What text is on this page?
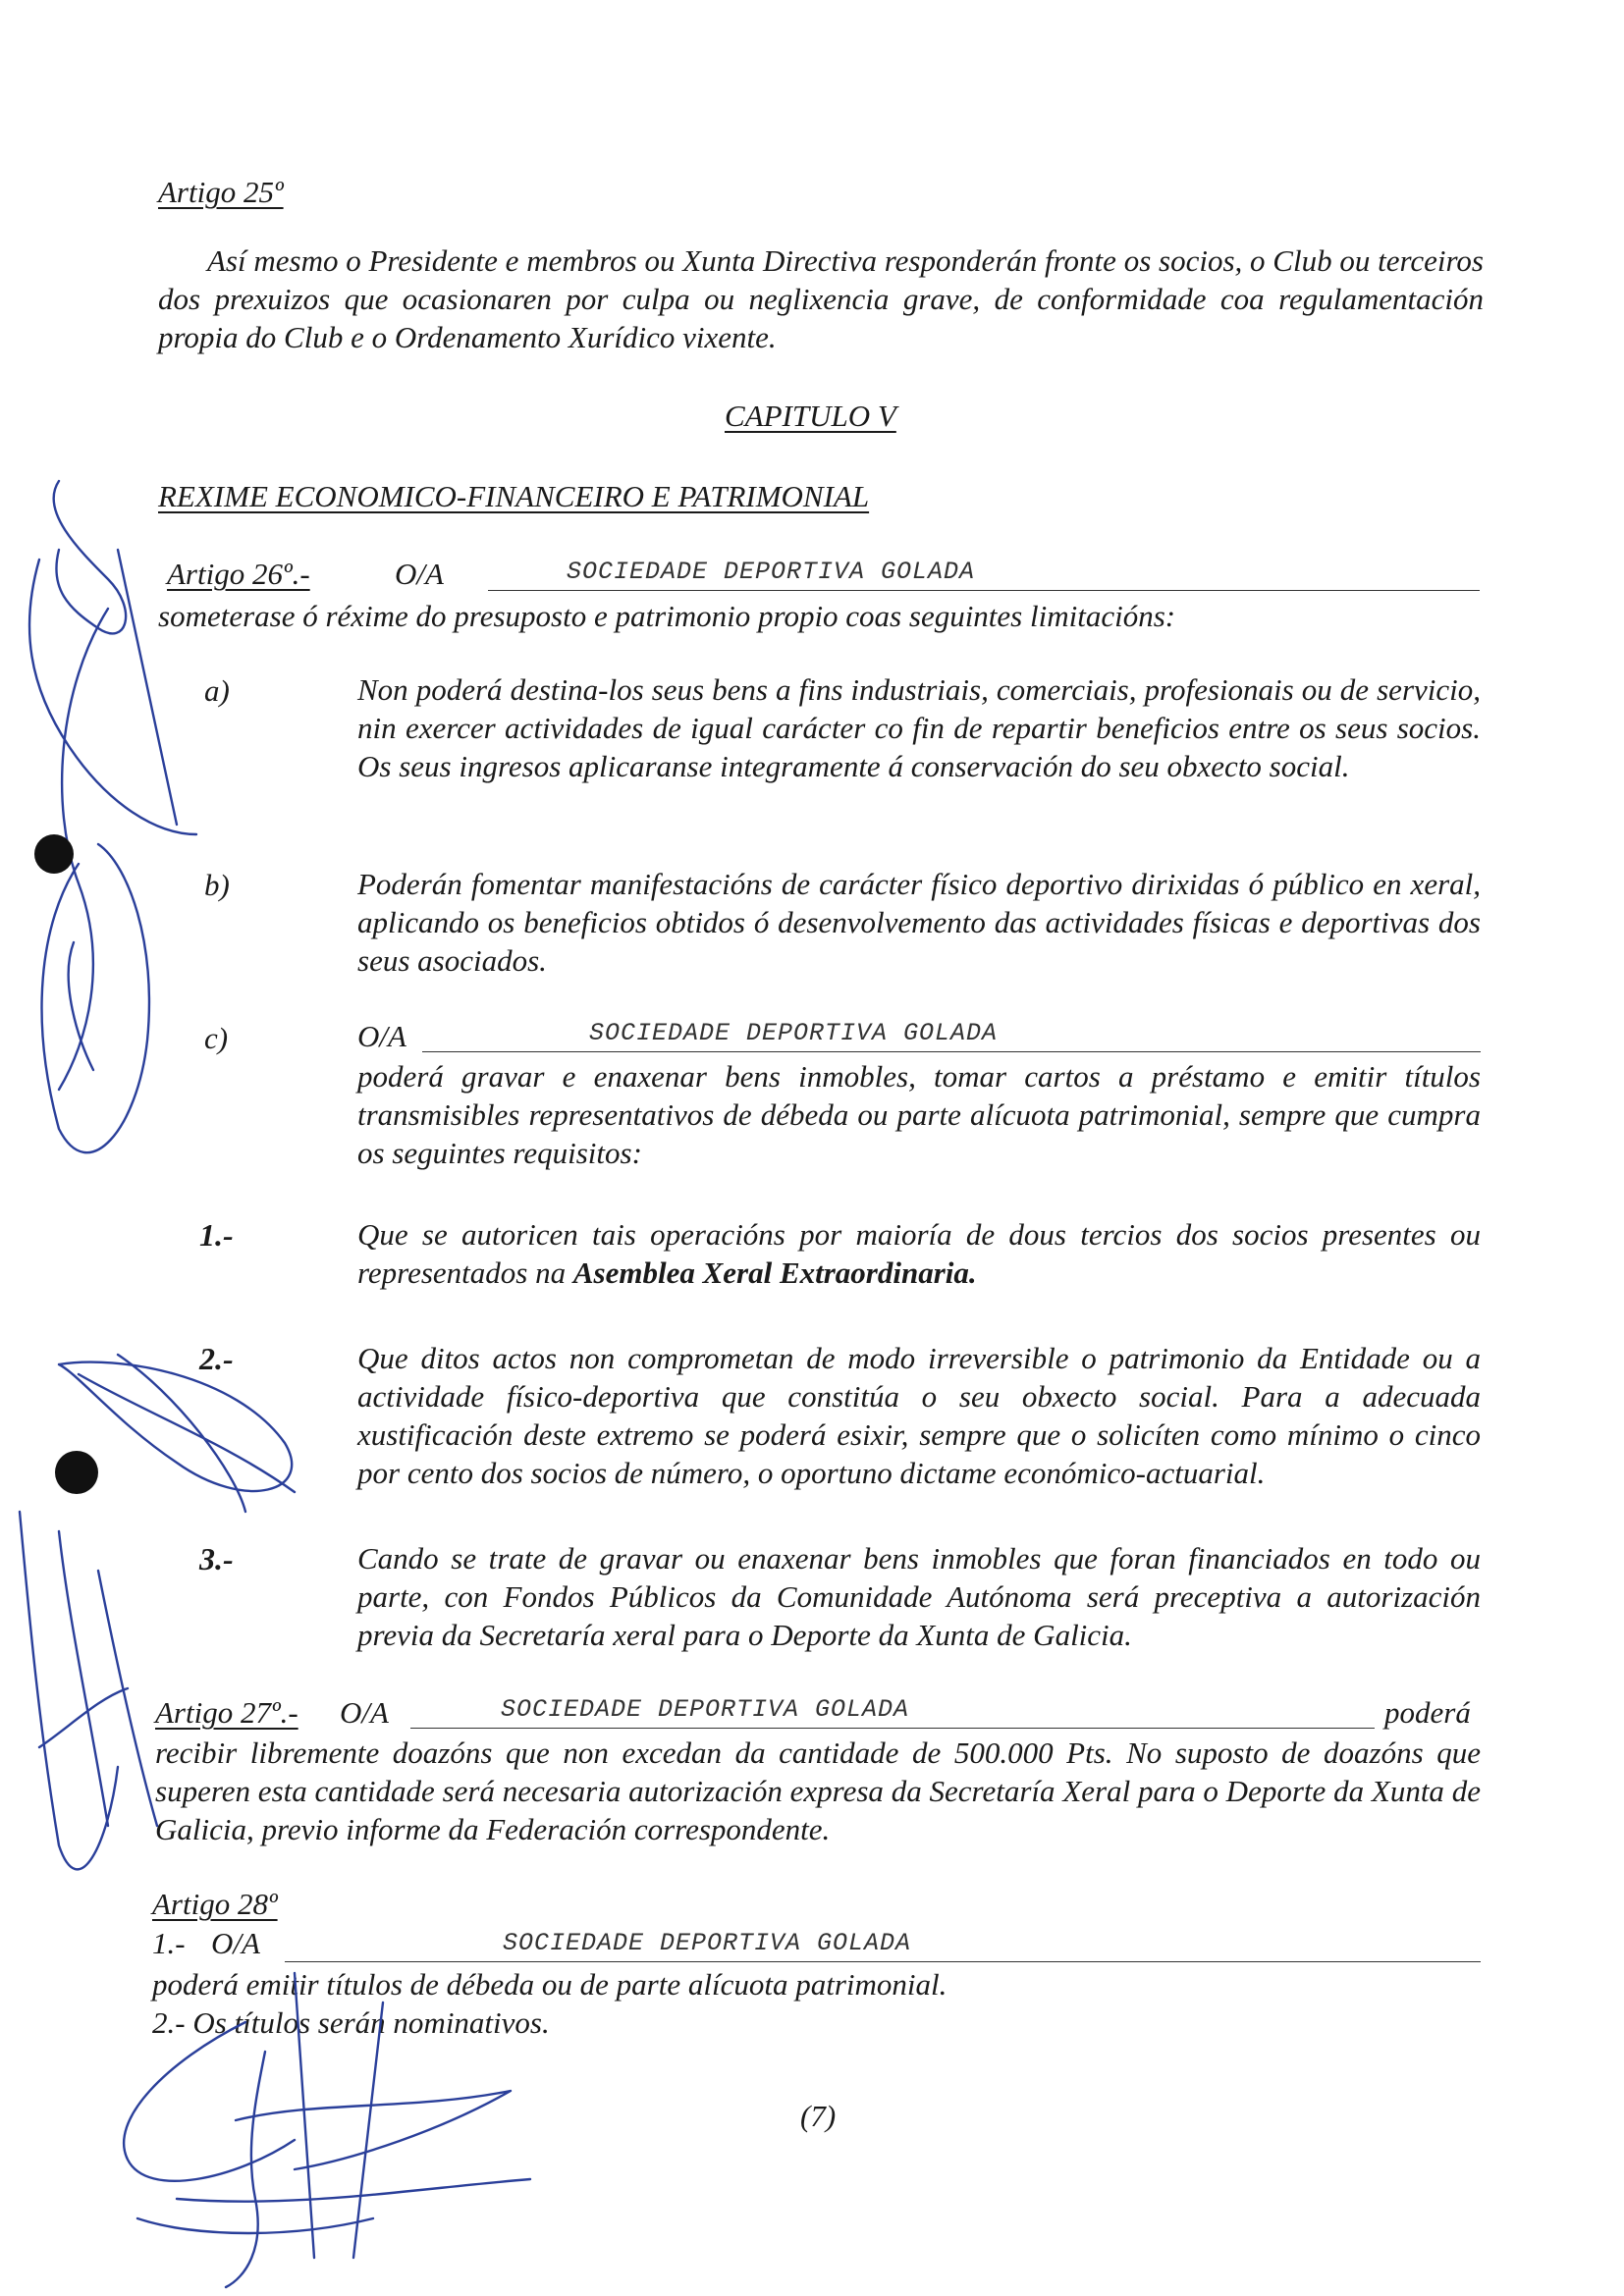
Artigo 25º
Así mesmo o Presidente e membros ou Xunta Directiva responderán fronte os socios, o Club ou terceiros dos prexuizos que ocasionaren por culpa ou neglixencia grave, de conformidade coa regulamentación propia do Club e o Ordenamento Xurídico vixente.
CAPITULO V
REXIME ECONOMICO-FINANCEIRO E PATRIMONIAL
Artigo 26º.-	O/A	SOCIEDADE DEPORTIVA GOLADA
someterase ó réxime do presuposto e patrimonio propio coas seguintes limitacións:
a)	Non poderá destina-los seus bens a fins industriais, comerciais, profesionais ou de servicio, nin exercer actividades de igual carácter co fin de repartir beneficios entre os seus socios. Os seus ingresos aplicaranse integramente á conservación do seu obxecto social.
b)	Poderán fomentar manifestacións de carácter físico deportivo dirixidas ó público en xeral, aplicando os beneficios obtidos ó desenvolvemento das actividades físicas e deportivas dos seus asociados.
c)	O/A	SOCIEDADE DEPORTIVA GOLADA
poderá gravar e enaxenar bens inmobles, tomar cartos a préstamo e emitir títulos transmisibles representativos de débeda ou parte alícuota patrimonial, sempre que cumpra os seguintes requisitos:
1.-	Que se autoricen tais operacións por maioría de dous tercios dos socios presentes ou representados na Asemblea Xeral Extraordinaria.
2.-	Que ditos actos non comprometan de modo irreversible o patrimonio da Entidade ou a actividade físico-deportiva que constitúa o seu obxecto social. Para a adecuada xustificación deste extremo se poderá esixir, sempre que o solicíten como mínimo o cinco por cento dos socios de número, o oportuno dictame económico-actuarial.
3.-	Cando se trate de gravar ou enaxenar bens inmobles que foran financiados en todo ou parte, con Fondos Públicos da Comunidade Autónoma será preceptiva a autorización previa da Secretaría xeral para o Deporte da Xunta de Galicia.
Artigo 27º.- O/A	SOCIEDADE DEPORTIVA GOLADA	poderá
recibir libremente doazóns que non excedan da cantidade de 500.000 Pts. No suposto de doazóns que superen esta cantidade será necesaria autorización expresa da Secretaría Xeral para o Deporte da Xunta de Galicia, previo informe da Federación correspondente.
Artigo 28º
1.- O/A	SOCIEDADE DEPORTIVA GOLADA
poderá emitir títulos de débeda ou de parte alícuota patrimonial.
2.- Os títulos serán nominativos.
(7)
